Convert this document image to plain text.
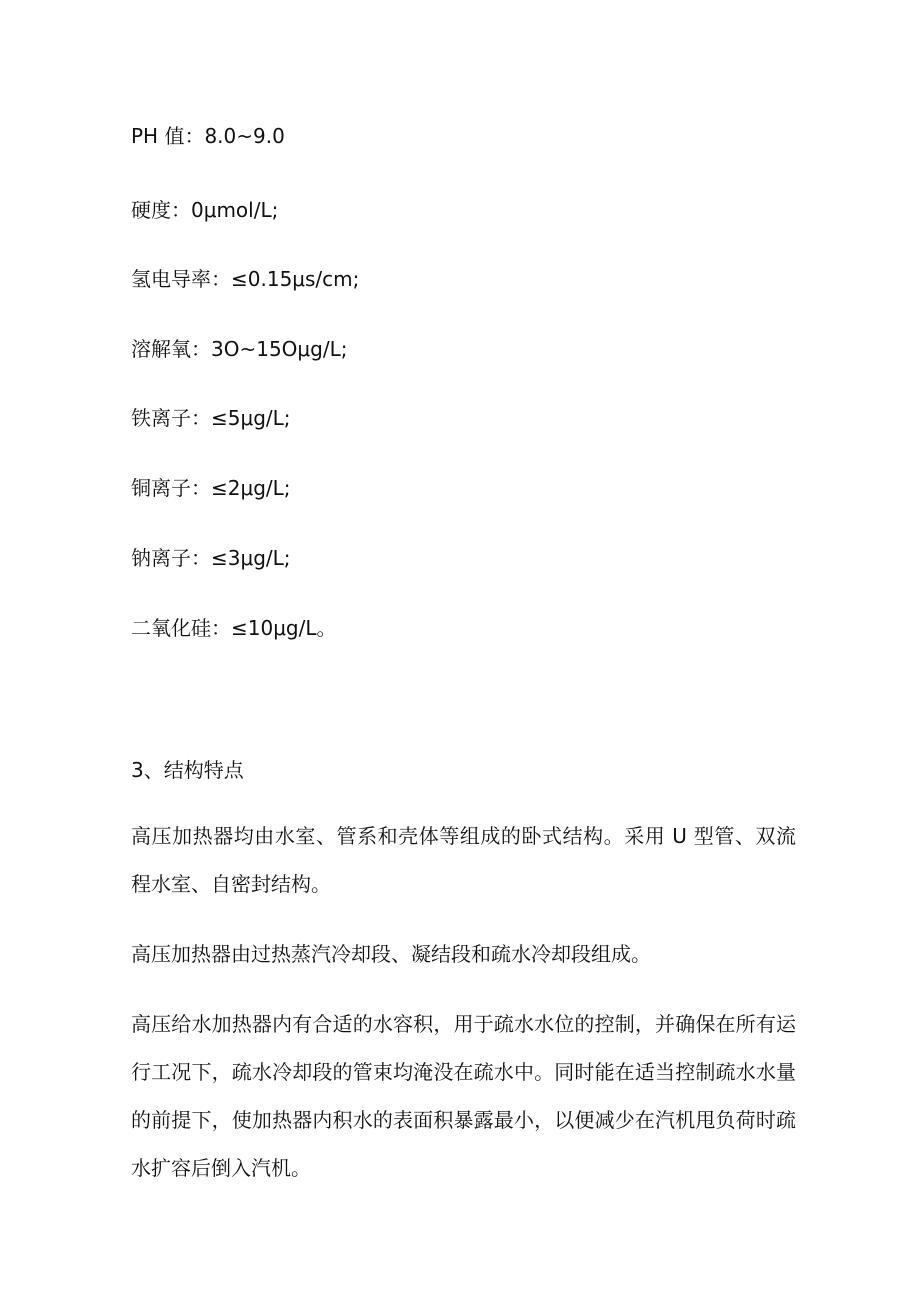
PH 值：8.0~9.0

硬度：0μmol/L;

氢电导率：≤0.15μs/cm;

溶解氧：3O~15Oμg/L;

铁离子：≤5μg/L;

铜离子：≤2μg/L;

钠离子：≤3μg/L;

二氧化硅：≤10μg/L。

3、结构特点

高压加热器均由水室、管系和壳体等组成的卧式结构。采用 U 型管、双流程水室、自密封结构。

高压加热器由过热蒸汽冷却段、凝结段和疏水冷却段组成。

高压给水加热器内有合适的水容积，用于疏水水位的控制，并确保在所有运行工况下，疏水冷却段的管束均淹没在疏水中。同时能在适当控制疏水水量的前提下，使加热器内积水的表面积暴露最小，以便减少在汽机甩负荷时疏水扩容后倒入汽机。
